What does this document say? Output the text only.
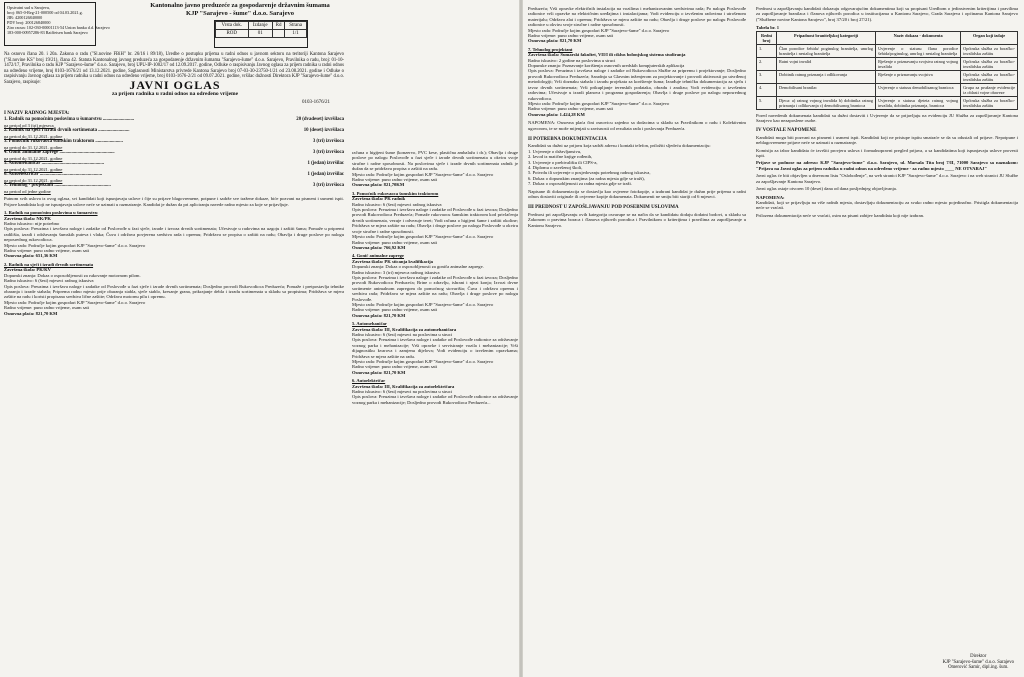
Opstvatni sud u Sarajevu,
broj: 065-0-Reg-21-000500 od 04.03.2021.g.
JIB: 4200126840000
PDV broj: 200126840000
Ziro racun: 102-030-00001113-54 Union banka d.d. Sarajevo
183-000-00957286-83 Raiffeisen bank Sarajevo
Kantonalno javno preduzeće za gospodarenje državnim šumama
KJP "Sarajevo - šume" d.o.o. Sarajevo
Vrsta dok.	Izdanje	Rd	Strana
ROD	01		1/1
Na osnovu člana 20. i 20a. Zakona o radu ("Sl.novine FBiH" br. 26/16 i 89/18), Uredbe o postupku prijema u radni odnos u javnom sektoru na teritoriji Kantona Sarajevo ("Sl.novine KS" broj 19/21), člana 42. Statuta Kantonalnog javnog preduzeća za gospodarenje državnim šumama "Sarajevo-šume" d.o.o. Sarajevo, Pravilnika o radu, broj: 01-10-1472/17, Pravilnika o radu KJP "Sarajevo-šume" d.o.o. Sarajevo, broj UPU-IP-1002/17 od 12.09.2017. godine, Odluke o raspisivanju Javnog oglasa za prijem radnika u radni odnos na određeno vrijeme, broj 0103-1676/21 od 13.12.2021. godine, Saglasnosti Ministarstva privrede Kantona Sarajevo broj 07-03-30-23750-1/21 od 23.08.2021. godine i Odluke o raspisivanju Javnog oglasa za prijem radnika u radni odnos na određeno vrijeme, broj 0103-1676-2/21 od 09.07.2021. godine, vršilac dužnosti Direktora KJP "Sarajevo-šume" d.o.o. Sarajevo, raspisuje:	JAVNI OGLAS
za prijem radnika u radni odnos na određeno vrijeme
0103-1676/21
I NAZIV RADNOG MJESTA:
1. Radnik na pomoćnim poslovima u šumarstvu ..........................	20 (dvadeset) izvršilaca
na period od 3 (tri) mjeseca
2. Radnik na sječi i izradi drvnih sortimenata ..........................	10 (deset) izvršilaca
na period do 31.12.2021. godine
3. Pomoćnik rukovaoca šumskim traktorom .......................	3 (tri) izvršioca
na period do 31.12.2021. godine
4. Gonič animalne zaprege ..............................................	3 (tri) izvršioca
na period do 31.12.2021. godine
5. Automehaničar ....................................................	1 (jedan) izvršilac
na period do 31.12.2021. godine
6. Autoelektričar ....................................................	1 (jedan) izvršilac
na period do 31.12.2021. godine
7. Tehnolog - projektant ...............................................	3 (tri) izvršioca
na period od jedne godine
Putnom svih uslova iz ovog oglasa, svi kandidati koji ispunjavaju uslove i čije su prijave blagovremene, potpune i sadrže sve tražene dokaze, biće pozvani na pismeni i usmeni ispit. Prijave kandidata koji ne ispunjavaju uslove neće se uzimati u razmatranje. Kandidat je dužan da pri apliciranju navede radno mjesto za koje se prijavljuje.
1. Radnik na pomoćnim poslovima u šumarstvu
Završena škola: NK/PK
Radno iskustvo: nije potrebno
Opis poslova: Preuzima i izvršava naloge i zadatke od Poslovođe u fazi sječe, izrade i izvoza drvnih sortimenata; Učestvuje u radovima na uzgoju i zaštiti šuma; Pomaže u pripremi radilišta, izradi i održavanju šumskih puteva i vlaka; Čuva i održava povjerena sredstva rada i opremu; Pridržava se propisa o zaštiti na radu; Obavlja i druge poslove po nalogu neposrednog rukovodioca.
Mjesto rada: Područje kojim gospodari KJP "Sarajevo-šume" d.o.o. Sarajevo
Radno vrijeme: puno radno vrijeme, osam sati
Osnovna plaća: 651,36 KM
2. Radnik na sječi i izradi drvnih sortimenata
Završena škola: PK/KV
Dopunski znanja: Dokaz o osposobljenosti za rukovanje motornom pilom.
Radno iskustvo: 6 (šest) mjeseci radnog iskustva
Opis poslova: Preuzima i izvršava naloge i zadatke od Poslovođe u fazi sječe i izrade drvnih sortimenata; Dosljedno provodi Rukovodioca Preduzeća; Pomaže i pretpostavlja tehnike obaranja i izrade stabala; Priprema radno mjesto prije obaranja stabla, sječe stablo, kresanje grana, prikrajanje debla i izradu sortimenata u skladu sa propisima; Pridržava se mjera zaštite na radu i koristi propisana sredstva lične zaštite; Održava motornu pilu i opremu.
Mjesto rada: Područje kojim gospodari KJP "Sarajevo-šume" d.o.o. Sarajevo
Radno vrijeme: puno radno vrijeme, osam sati
Osnovna plaća: 821,70 KM
računa o higijeni šume (konzervo, PVC kese, plastična ambalaža i dr.); Obavlja i druge poslove po nalogu Poslovođe u fazi sječe i izrade drvnih sortimenata u okviru svoje stručne i radne sposobnosti. Na poslovima sječe i izrade drvnih sortimenata radnik je dužan da se pridržava propisa o zaštiti na radu.
Mjesto rada: Područje kojim gospodari KJP "Sarajevo-šume" d.o.o. Sarajevo
Radno vrijeme: puno radno vrijeme, osam sati
Osnovna plaća: 821,70KM
3. Pomoćnik rukovaoca šumskim traktorom
Završena škola: PK radnik
Radno iskustvo: 6 (šest) mjeseci radnog iskustva
Opis poslova: Preuzima i izvršava naloge i zadatke od Poslovođe u fazi izvoza; Dosljedno provodi Rukovodioca Preduzeća; Pomaže rukovaocu šumskim traktorom kod privlačenja drvnih sortimenata, vezuje i odvezuje teret; Vodi računa o higijeni šume i zaštiti okoline; Pridržava se mjera zaštite na radu; Obavlja i druge poslove po nalogu Poslovođe u okviru svoje stručne i radne sposobnosti.
Mjesto rada: Područje kojim gospodari KJP "Sarajevo-šume" d.o.o. Sarajevo
Radno vrijeme: puno radno vrijeme, osam sati
Osnovna plaća: 766,92 KM
4. Gonič animalne zaprege
Završena škola: PK sticanja kvalifikacija
Dopunski znanja: Dokaz o osposobljenosti za goniča animalne zaprege.
Radno iskustvo: 3 (tri) mjeseca radnog iskustva
Opis poslova: Preuzima i izvršava naloge i zadatke od Poslovođe u fazi izvoza; Dosljedno provodi Rukovodioca Preduzeća; Brine o zdravlju, ishrani i njezi konja; Izvozi drvne sortimente animalnom zapregom do pomoćnog stovarišta; Čuva i održava opremu i sredstva rada; Pridržava se mjera zaštite na radu; Obavlja i druge poslove po nalogu Poslovođe.
Mjesto rada: Područje kojim gospodari KJP "Sarajevo-šume" d.o.o. Sarajevo
Radno vrijeme: puno radno vrijeme, osam sati
Osnovna plaća: 821,70 KM
5. Automehaničar
Završena škola: III, Kvalifikacija za automehaničara
Radno iskustvo: 6 (šest) mjeseci na poslovima u struci
Opis poslova: Preuzima i izvršava naloge i zadatke od Poslovođe radionice za održavanje voznog parka i mehanizacije; Vrši opravke i servisiranje vozila i mehanizacije; Vrši dijagnostiku kvarova i zamjenu dijelova; Vodi evidenciju o izvršenim opravkama; Pridržava se mjera zaštite na radu.
Mjesto rada: Područje kojim gospodari KJP "Sarajevo-šume" d.o.o. Sarajevo
Radno vrijeme: puno radno vrijeme, osam sati
Osnovna plaća: 821,70 KM
6. Autoelektričar
Završena škola: III, Kvalifikacija za autoelektričara
Radno iskustvo: 6 (šest) mjeseci na poslovima u struci
Opis poslova: Preuzima i izvršava naloge i zadatke od Poslovođe radionice za održavanje voznog parka i mehanizacije; Dosljedno provodi Rukovodioca Preduzeća...
Preduzeća; Vrši opravke električnih instalacija na vozilima i mehanizovanim sredstvima rada; Po nalogu Poslovođe radionice vrši opravke na električnim uređajima i instalacijama; Vodi evidenciju o izvršenim radovima i utrošenom materijalu; Održava alat i opremu; Pridržava se mjera zaštite na radu; Obavlja i druge poslove po nalogu Poslovođe radionice u okviru svoje stručne i radne sposobnosti.
Mjesto rada: Područje kojim gospodari KJP "Sarajevo-šume" d.o.o. Sarajevo
Radno vrijeme: puno radno vrijeme, osam sati
Osnovna plaća: 821,70 KM
7. Tehnolog projektant
Završena škola: Šumarski fakultet, VII/I ili ciklus bolonjskog sistema studiranja
Radno iskustvo: 2 godine na poslovima u struci
Dopunske znanja: Poznavanje korištenja osnovnih uredskih kompjuterskih aplikacija
Opis poslova: Preuzima i izvršava naloge i zadatke od Rukovodioca Službe za pripremu i projektovanje; Dosljedno provodi Rukovodioca Preduzeća; Saradnja sa Glavnim inženjerom za projektovanje i provodi aktivnosti po utvrđenoj metodologiji; Vrši doznaku stabala i izradu projekata za korištenje šuma; Izrađuje tehničku dokumentaciju za sječu i izvoz drvnih sortimenata; Vrši prikupljanje terenskih podataka, obradu i analizu; Vodi evidenciju o izvršenim radovima; Učestvuje u izradi planova i programa gospodarenja; Obavlja i druge poslove po nalogu neposrednog rukovodioca.
Mjesto rada: Područje kojim gospodari KJP "Sarajevo-šume" d.o.o. Sarajevo
Radno vrijeme: puno radno vrijeme, osam sati
Osnovna plaća: 1.424,28 KM
NAPOMENA: Osnovna plaća čini osnovicu zajedno sa dodacima u skladu sa Pravilnikom o radu i Kolektivnim ugovorom, te se može mijenjati u zavisnosti od rezultata rada i poslovanja Preduzeća.
II POTREBNA DOKUMENTACIJA
Kandidati su dužni uz prijavu koja sadrži adresu i kontakt telefon, priložiti sljedeću dokumentaciju:
1. Uvjerenje o državljanstvu,
2. Izvod iz matične knjige rođenih,
3. Uvjerenje o prebivalištu ili CIPS-a,
4. Diplomu o završenoj školi,
5. Potvrdu ili uvjerenje o posjedovanju potrebnog radnog iskustva,
6. Dokaz o dopunskim znanjima (za radna mjesta gdje se traži),
7. Dokaz o osposobljenosti za radna mjesta gdje se traži.
Napisane ili dokumentacija se dostavlja kao ovjerene fotokopije, a izabrani kandidat je dužan prije prijema u radni odnos dostaviti originale ili ovjerene kopije dokumenata. Dokumenti ne smiju biti stariji od 6 mjeseci.
III PREDNOST U ZAPOŠLJAVANJU POD POSEBNIM USLOVIMA
Prednost pri zapošljavanju ovih kategorija osvarupe se na način da se kandidatu dodaju dodatni bodovi, u skladu sa Zakonom o pravima boraca i članova njihovih porodica i Pravilnikom o kriterijima i pravilima za zapošljavanje u Kantonu Sarajevo.
Prednost u zapošljavanju kandidati dokazuju odgovarajućim dokumentima koji su propisani Uredbom o jedinstvenim kriterijima i pravilima za zapošljavanje branilaca i članova njihovih porodica u institucijama u Kantonu Sarajevo, Grada Sarajeva i općinama Kantona Sarajevo ("Službene novine Kantona Sarajevo", broj 37/20 i broj 27/21).
Tabela br. 1
Redni broj	Pripadnost braniteljskoj kategoriji	Naziv dokaza - dokumenta	Organ koji izdaje
1.	Član porodice šehida/ poginulog branitelja, umrlog branitelja i nestalog branitelja	Uvjerenje o statusu člana porodice šehida/poginulog, umrlog i nestalog branitelja	Općinska služba za boračko-invalidsku zaštitu
2.	Ratni vojni invalid	Rješenje o priznavanju svojstva ratnog vojnog invalida	Općinska služba za boračko-invalidsku zaštitu
3.	Dobitnik ratnog priznanja i odlikovanja	Rješenje o priznavanju svojstva	Općinska služba za boračko-invalidsku zaštitu
4.	Demobilisani branilac	Uvjerenje o statusu demobilisanog branioca	Grupa za pružanje evidencije iz oblasti vojne obaveze
5.	Djeca: a) ratnog vojnog invalida b) dobitnika ratnog priznanja i odlikovanja c) demobilisanog branioca	Uvjerenje o statusu djeteta ratnog vojnog invalida, dobitnika priznanja, branioca	Općinska služba za boračko-invalidsku zaštitu
Pored navedenih dokumenata kandidati su dužni dostaviti i Uvjerenje da se prijavljuju na evidenciju JU Služba za zapošljavanje Kantona Sarajevo kao nezaposlene osobe.
IV VOSTALE NAPOMENE
Kandidati mogu biti pozvani na pismeni i usmeni ispit. Kandidati koji ne pristupe ispitu smatraće se da su odustali od prijave. Nepotpune i neblagovremene prijave neće se uzimati u razmatranje.
Komisija za izbor kandidata će izvršiti provjeru uslova i formalnopravni pregled prijava, a sa kandidatima koji ispunjavaju uslove provesti ispit.
Prijave se podnose na adresu: KJP "Sarajevo-šume" d.o.o. Sarajevo, ul. Marsala Tita broj 7/II, 71000 Sarajevo sa naznakom: "Prijava na Javni oglas za prijem radnika u radni odnos na određeno vrijeme - za radno mjesto ____ NE OTVARAJ"
Javni oglas će biti objavljen u dnevnom listu "Oslobođenje", na web stranici KJP "Sarajevo-šume" d.o.o. Sarajevo i na web stranici JU Službe za zapošljavanje Kantona Sarajevo.
Javni oglas ostaje otvoren 10 (deset) dana od dana posljednjeg objavljivanja.
NAPOMENA:
Kandidati, koji se prijavljuju na više radnih mjesta, dostavljaju dokumentaciju za svako radno mjesto pojedinačno. Pristigla dokumentacija neće se vraćati.
Prilozena dokumentacija neće se vraćati, osim na pisani zahtjev kandidata koji nije izabran.
Direktor
KJP "Sarajevo-šume" d.o.o. Sarajevo
Omerović Samir, dipl.ing. šum.
